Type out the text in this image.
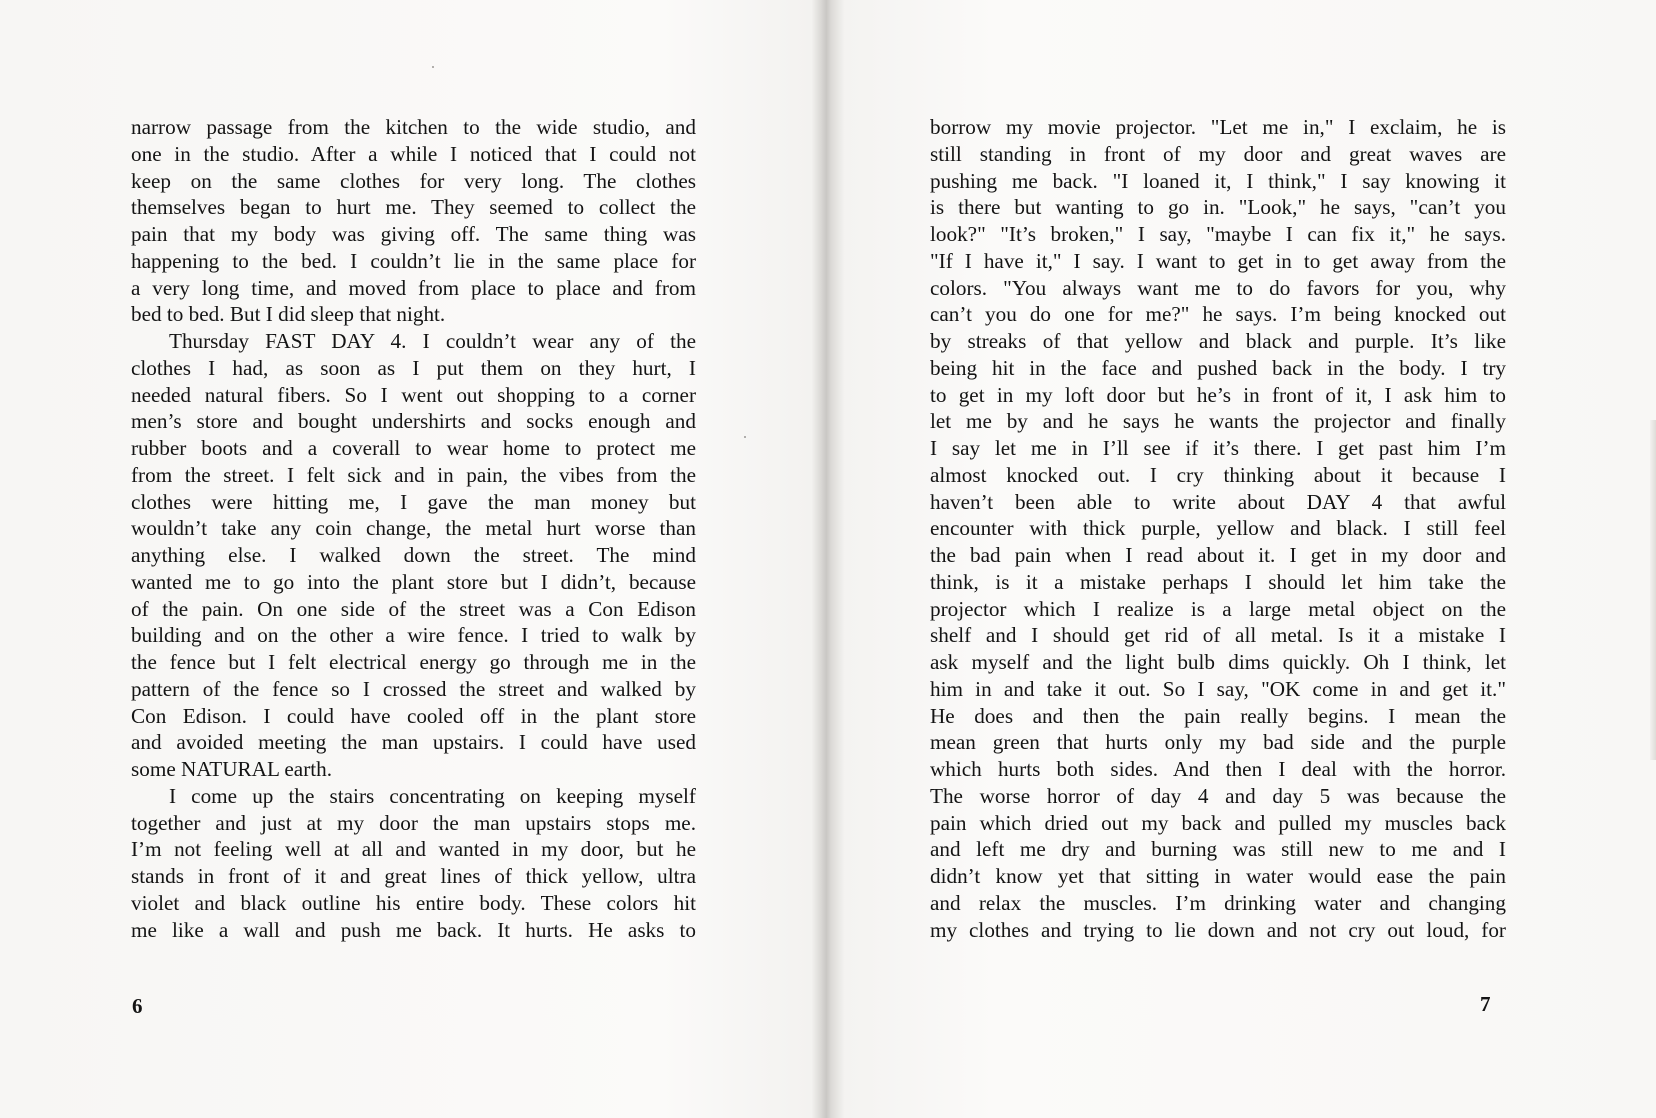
narrow passage from the kitchen to the wide studio, and
one in the studio. After a while I noticed that I could not
keep on the same clothes for very long. The clothes
themselves began to hurt me. They seemed to collect the
pain that my body was giving off. The same thing was
happening to the bed. I couldn’t lie in the same place for
a very long time, and moved from place to place and from
bed to bed. But I did sleep that night.
Thursday FAST DAY 4. I couldn’t wear any of the
clothes I had, as soon as I put them on they hurt, I
needed natural fibers. So I went out shopping to a corner
men’s store and bought undershirts and socks enough and
rubber boots and a coverall to wear home to protect me
from the street. I felt sick and in pain, the vibes from the
clothes were hitting me, I gave the man money but
wouldn’t take any coin change, the metal hurt worse than
anything else. I walked down the street. The mind
wanted me to go into the plant store but I didn’t, because
of the pain. On one side of the street was a Con Edison
building and on the other a wire fence. I tried to walk by
the fence but I felt electrical energy go through me in the
pattern of the fence so I crossed the street and walked by
Con Edison. I could have cooled off in the plant store
and avoided meeting the man upstairs. I could have used
some NATURAL earth.
I come up the stairs concentrating on keeping myself
together and just at my door the man upstairs stops me.
I’m not feeling well at all and wanted in my door, but he
stands in front of it and great lines of thick yellow, ultra
violet and black outline his entire body. These colors hit
me like a wall and push me back. It hurts. He asks to
6
borrow my movie projector. "Let me in," I exclaim, he is
still standing in front of my door and great waves are
pushing me back. "I loaned it, I think," I say knowing it
is there but wanting to go in. "Look," he says, "can’t you
look?" "It’s broken," I say, "maybe I can fix it," he says.
"If I have it," I say. I want to get in to get away from the
colors. "You always want me to do favors for you, why
can’t you do one for me?" he says. I’m being knocked out
by streaks of that yellow and black and purple. It’s like
being hit in the face and pushed back in the body. I try
to get in my loft door but he’s in front of it, I ask him to
let me by and he says he wants the projector and finally
I say let me in I’ll see if it’s there. I get past him I’m
almost knocked out. I cry thinking about it because I
haven’t been able to write about DAY 4 that awful
encounter with thick purple, yellow and black. I still feel
the bad pain when I read about it. I get in my door and
think, is it a mistake perhaps I should let him take the
projector which I realize is a large metal object on the
shelf and I should get rid of all metal. Is it a mistake I
ask myself and the light bulb dims quickly. Oh I think, let
him in and take it out. So I say, "OK come in and get it."
He does and then the pain really begins. I mean the
mean green that hurts only my bad side and the purple
which hurts both sides. And then I deal with the horror.
The worse horror of day 4 and day 5 was because the
pain which dried out my back and pulled my muscles back
and left me dry and burning was still new to me and I
didn’t know yet that sitting in water would ease the pain
and relax the muscles. I’m drinking water and changing
my clothes and trying to lie down and not cry out loud, for
7
